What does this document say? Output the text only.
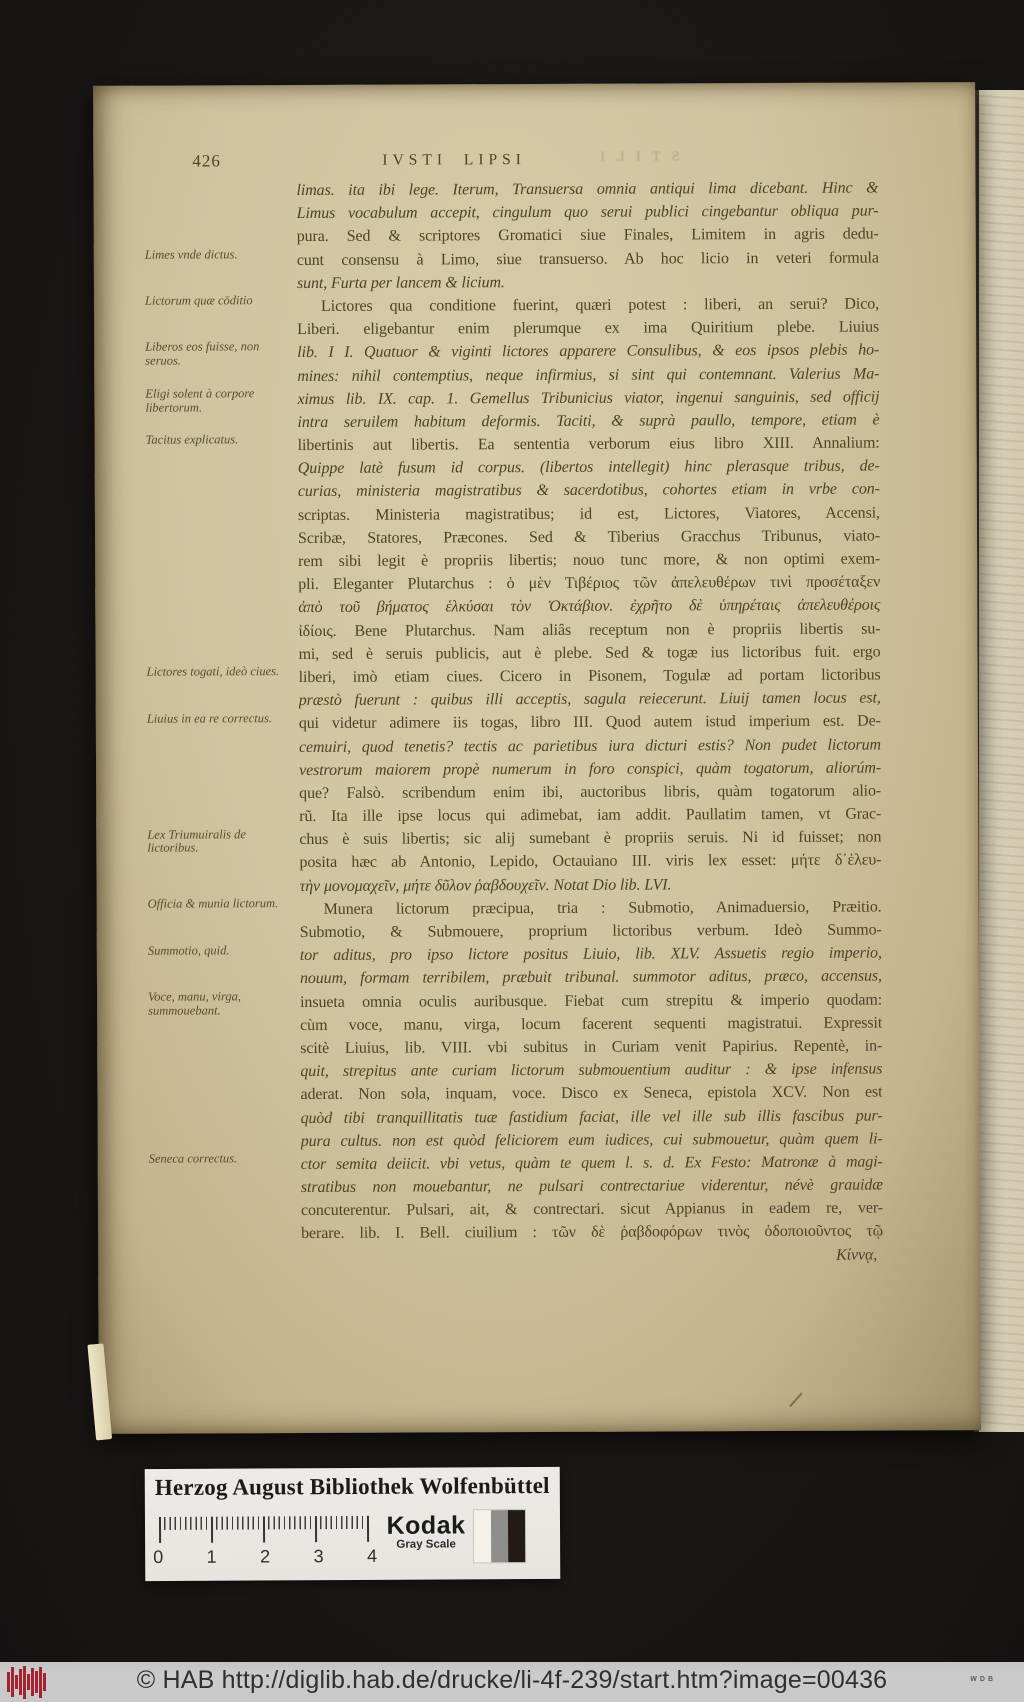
426	IVSTI LIPSI	S T I L I
limas. ita ibi lege. Iterum, Transuersa omnia antiqui lima dicebant. Hinc &
Limus vocabulum accepit, cingulum quo serui publici cingebantur obliqua pur-
pura. Sed & scriptores Gromatici siue Finales, Limitem in agris dedu-
cunt consensu à Limo, siue transuerso. Ab hoc licio in veteri formula
sunt, Furta per lancem & licium.
Lictores qua conditione fuerint, quæri potest : liberi, an serui? Dico,
Liberi. eligebantur enim plerumque ex ima Quiritium plebe. Liuius
lib. I I. Quatuor & viginti lictores apparere Consulibus, & eos ipsos plebis ho-
mines: nihil contemptius, neque infirmius, si sint qui contemnant. Valerius Ma-
ximus lib. IX. cap. 1. Gemellus Tribunicius viator, ingenui sanguinis, sed officij
intra seruilem habitum deformis. Taciti, & suprà paullo, tempore, etiam è
libertinis aut libertis. Ea sententia verborum eius libro XIII. Annalium:
Quippe latè fusum id corpus. (libertos intellegit) hinc plerasque tribus, de-
curias, ministeria magistratibus & sacerdotibus, cohortes etiam in vrbe con-
scriptas. Ministeria magistratibus; id est, Lictores, Viatores, Accensi,
Scribæ, Statores, Præcones. Sed & Tiberius Gracchus Tribunus, viato-
rem sibi legit è propriis libertis; nouo tunc more, & non optimi exem-
pli. Eleganter Plutarchus : ὁ μὲν Τιβέριος τῶν ἀπελευθέρων τινὶ προσέταξεν
ἀπὸ τοῦ βήματος ἑλκύσαι τὸν Ὀκτάβιον. ἐχρῆτο δὲ ὑπηρέταις ἀπελευθέροις
ἰδίοις. Bene Plutarchus. Nam aliâs receptum non è propriis libertis su-
mi, sed è seruis publicis, aut è plebe. Sed & togæ ius lictoribus fuit. ergo
liberi, imò etiam ciues. Cicero in Pisonem, Togulæ ad portam lictoribus
præstò fuerunt : quibus illi acceptis, sagula reiecerunt. Liuij tamen locus est,
qui videtur adimere iis togas, libro III. Quod autem istud imperium est. De-
cemuiri, quod tenetis? tectis ac parietibus iura dicturi estis? Non pudet lictorum
vestrorum maiorem propè numerum in foro conspici, quàm togatorum, aliorúm-
que? Falsò. scribendum enim ibi, auctoribus libris, quàm togatorum alio-
rũ. Ita ille ipse locus qui adimebat, iam addit. Paullatim tamen, vt Grac-
chus è suis libertis; sic alij sumebant è propriis seruis. Ni id fuisset; non
posita hæc ab Antonio, Lepido, Octauiano III. viris lex esset: μήτε δ᾽ἐλευ-
τὴν μονομαχεῖν, μήτε δῦλον ῥαβδουχεῖν. Notat Dio lib. LVI.
Munera lictorum præcipua, tria : Submotio, Animaduersio, Præitio.
Submotio, & Submouere, proprium lictoribus verbum. Ideò Summo-
tor aditus, pro ipso lictore positus Liuio, lib. XLV. Assuetis regio imperio,
nouum, formam terribilem, præbuit tribunal. summotor aditus, præco, accensus,
insueta omnia oculis auribusque. Fiebat cum strepitu & imperio quodam:
cùm voce, manu, virga, locum facerent sequenti magistratui. Expressit
scitè Liuius, lib. VIII. vbi subitus in Curiam venit Papirius. Repentè, in-
quit, strepitus ante curiam lictorum submouentium auditur : & ipse infensus
aderat. Non sola, inquam, voce. Disco ex Seneca, epistola XCV. Non est
quòd tibi tranquillitatis tuæ fastidium faciat, ille vel ille sub illis fascibus pur-
pura cultus. non est quòd feliciorem eum iudices, cui submouetur, quàm quem li-
ctor semita deiicit. vbi vetus, quàm te quem l. s. d. Ex Festo: Matronæ à magi-
stratibus non mouebantur, ne pulsari contrectariue viderentur, névè grauidæ
concuterentur. Pulsari, ait, & contrectari. sicut Appianus in eadem re, ver-
berare. lib. I. Bell. ciuilium : τῶν δὲ ῥαβδοφόρων τινὸς ὁδοποιοῦντος τῷ
Κίννᾳ,
Limes vnde dictus.
Lictorum quæ cōditio
Liberos eos fuisse, non seruos.
Eligi solent à corpore libertorum.
Tacitus explicatus.
Lictores togati, ideò ciues.
Liuius in ea re correctus.
Lex Triumuiralis de lictoribus.
Officia & munia lictorum.
Summotio, quid.
Voce, manu, virga, summouebant.
Seneca correctus.
Herzog August Bibliothek Wolfenbüttel
0 1 2 3 4
Kodak
Gray Scale
© HAB http://diglib.hab.de/drucke/li-4f-239/start.htm?image=00436	WDB
